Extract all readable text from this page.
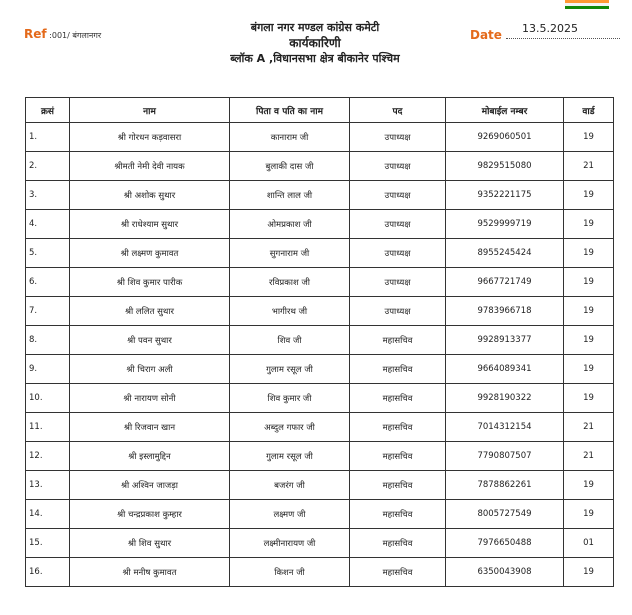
Ref :001/ बंगलानगर
बंगला नगर मण्डल कांग्रेस कमेटी
कार्यकारिणी
ब्लॉक A ,विधानसभा क्षेत्र बीकानेर पश्चिम
Date 13.5.2025
क्रसं	नाम	पिता व पति का नाम	पद	मोबाईल नम्बर	वार्ड
1.	श्री गोरधन कड़वासरा	कानाराम जी	उपाध्यक्ष	9269060501	19
2.	श्रीमती नेमी देवी नायक	बुलाकी दास जी	उपाध्यक्ष	9829515080	21
3.	श्री अशोक सुथार	शान्ति लाल जी	उपाध्यक्ष	9352221175	19
4.	श्री राधेश्याम सुथार	ओमप्रकाश जी	उपाध्यक्ष	9529999719	19
5.	श्री लक्ष्मण कुमावत	सुगनाराम जी	उपाध्यक्ष	8955245424	19
6.	श्री शिव कुमार पारीक	रविप्रकाश जी	उपाध्यक्ष	9667721749	19
7.	श्री ललित सुथार	भागीरथ जी	उपाध्यक्ष	9783966718	19
8.	श्री पवन सुथार	शिव जी	महासचिव	9928913377	19
9.	श्री चिराग अली	गुलाम रसूल जी	महासचिव	9664089341	19
10.	श्री नारायण सोनी	शिव कुमार जी	महासचिव	9928190322	19
11.	श्री रिजवान खान	अब्दुल गफार जी	महासचिव	7014312154	21
12.	श्री इस्लामुद्दिन	गुलाम रसूल जी	महासचिव	7790807507	21
13.	श्री अश्विन जाजड़ा	बजरंग जी	महासचिव	7878862261	19
14.	श्री चन्द्रप्रकाश कुम्हार	लक्ष्मण जी	महासचिव	8005727549	19
15.	श्री शिव सुथार	लक्ष्मीनारायण जी	महासचिव	7976650488	01
16.	श्री मनीष कुमावत	किशन जी	महासचिव	6350043908	19
